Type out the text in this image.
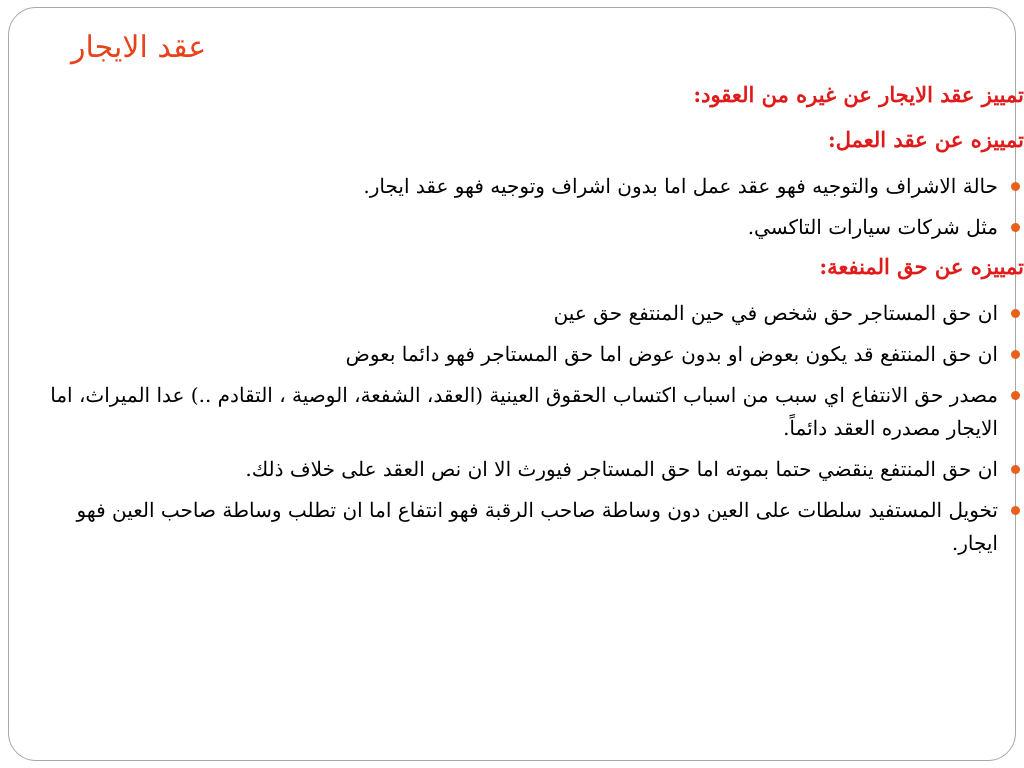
عقد الايجار
تمييز عقد الايجار عن غيره من العقود:
تمييزه عن عقد العمل:
حالة الاشراف والتوجيه فهو عقد عمل اما بدون اشراف وتوجيه فهو عقد ايجار.
مثل شركات سيارات التاكسي.
تمييزه عن حق المنفعة:
ان حق المستاجر حق شخص في حين المنتفع حق عين
ان حق المنتفع قد يكون بعوض او بدون عوض اما حق المستاجر فهو دائما بعوض
مصدر حق الانتفاع اي سبب من اسباب اكتساب الحقوق العينية (العقد، الشفعة، الوصية ، التقادم ..) عدا الميراث، اما الايجار مصدره العقد دائماً.
ان حق المنتفع ينقضي حتما بموته اما حق المستاجر فيورث الا ان نص العقد على خلاف ذلك.
تخويل المستفيد سلطات على العين دون وساطة صاحب الرقبة فهو انتفاع اما ان تطلب وساطة صاحب العين فهو ايجار.
